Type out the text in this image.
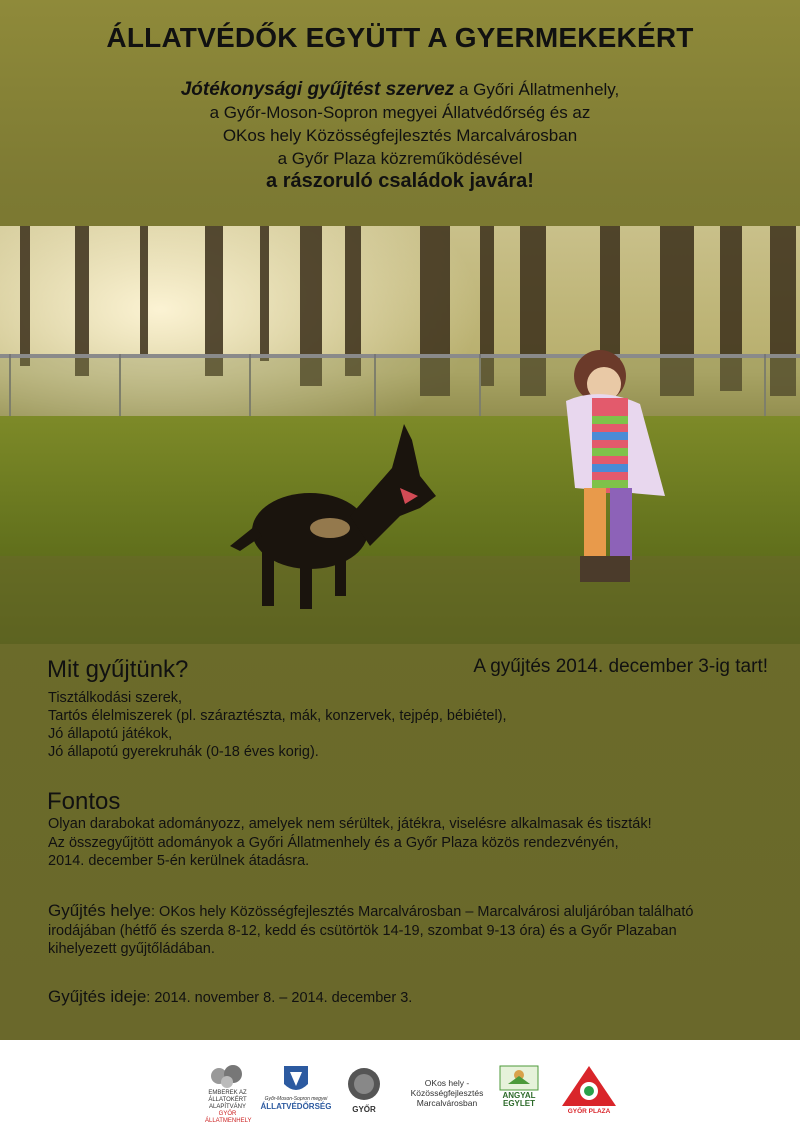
ÁLLATVÉDŐK EGYÜTT A GYERMEKEKÉRT
Jótékonysági gyűjtést szervez a Győri Állatmenhely,
a Győr-Moson-Sopron megyei Állatvédőrség és az
OKos hely Közösségfejlesztés Marcalvárosban
a Győr Plaza közreműködésével
a rászoruló családok javára!
A gyűjtés 2014. december 3-ig tart!
Mit gyűjtünk?
Tisztálkodási szerek,
Tartós élelmiszerek (pl. száraztészta, mák, konzervek, tejpép, bébiétel),
Jó állapotú játékok,
Jó állapotú gyerekruhák (0-18 éves korig).
Fontos
Olyan darabokat adományozz, amelyek nem sérültek, játékra, viselésre alkalmasak és tiszták!
Az összegyűjtött adományok a Győri Állatmenhely és a Győr Plaza közös rendezvényén,
2014. december 5-én kerülnek átadásra.
Gyűjtés helye: OKos hely Közösségfejlesztés Marcalvárosban – Marcalvárosi aluljáróban található
irodájában (hétfő és szerda 8-12, kedd és csütörtök 14-19, szombat 9-13 óra) és a Győr Plazaban
kihelyezett gyűjtőládában.
Gyűjtés ideje: 2014. november 8. – 2014. december 3.
EMBEREK AZ
ÁLLATOKÉRT
ALAPÍTVÁNY
GYŐR ÁLLATMENHELY
Győr-Moson-Sopron megyei
ÁLLATVÉDŐRSÉG	GYŐR
OKos hely -
Közösségfejlesztés
Marcalvárosban
ANGYAL
EGYLET
GYŐR PLAZA
